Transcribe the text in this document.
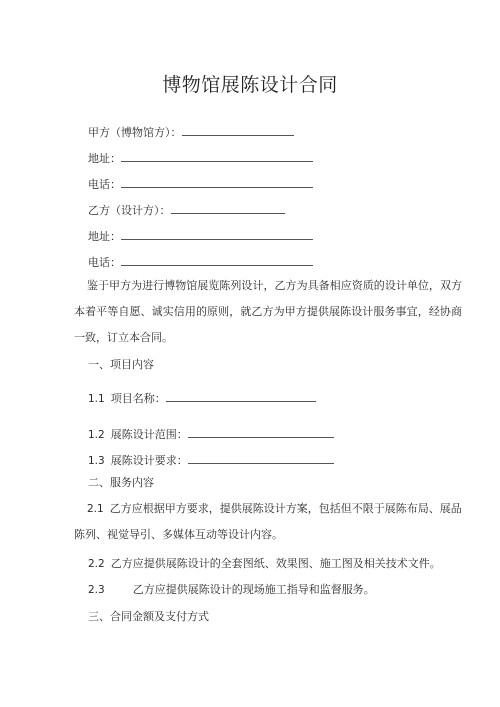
博物馆展陈设计合同
甲方（博物馆方）：
地址：
电话：
乙方（设计方）：
地址：
电话：
鉴于甲方为进行博物馆展览陈列设计，乙方为具备相应资质的设计单位，双方本着平等自愿、诚实信用的原则，就乙方为甲方提供展陈设计服务事宜，经协商一致，订立本合同。
一、项目内容
1.1 项目名称：
1.2 展陈设计范围：
1.3 展陈设计要求：
二、服务内容
2.1 乙方应根据甲方要求，提供展陈设计方案，包括但不限于展陈布局、展品陈列、视觉导引、多媒体互动等设计内容。
2.2 乙方应提供展陈设计的全套图纸、效果图、施工图及相关技术文件。
2.3	乙方应提供展陈设计的现场施工指导和监督服务。
三、合同金额及支付方式
